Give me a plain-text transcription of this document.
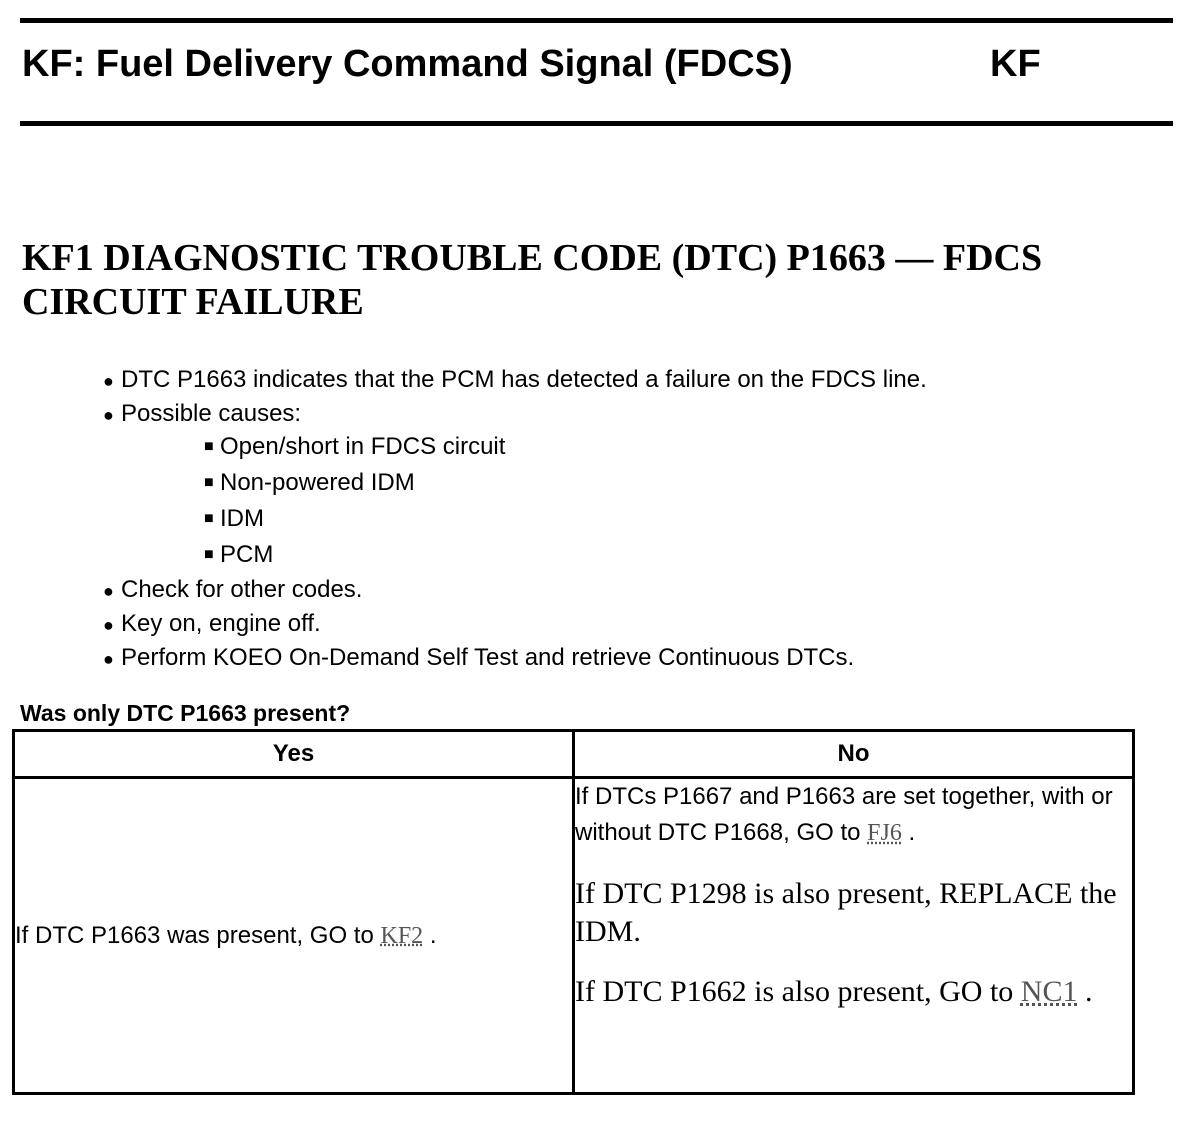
KF: Fuel Delivery Command Signal (FDCS)	KF
KF1 DIAGNOSTIC TROUBLE CODE (DTC) P1663 — FDCS CIRCUIT FAILURE
● DTC P1663 indicates that the PCM has detected a failure on the FDCS line.
● Possible causes:
■ Open/short in FDCS circuit
■ Non-powered IDM
■ IDM
■ PCM
● Check for other codes.
● Key on, engine off.
● Perform KOEO On-Demand Self Test and retrieve Continuous DTCs.
Was only DTC P1663 present?
Yes	No
If DTC P1663 was present, GO to KF2 .	If DTCs P1667 and P1663 are set together, with or without DTC P1668, GO to FJ6 .
If DTC P1298 is also present, REPLACE the IDM.
If DTC P1662 is also present, GO to NC1 .
